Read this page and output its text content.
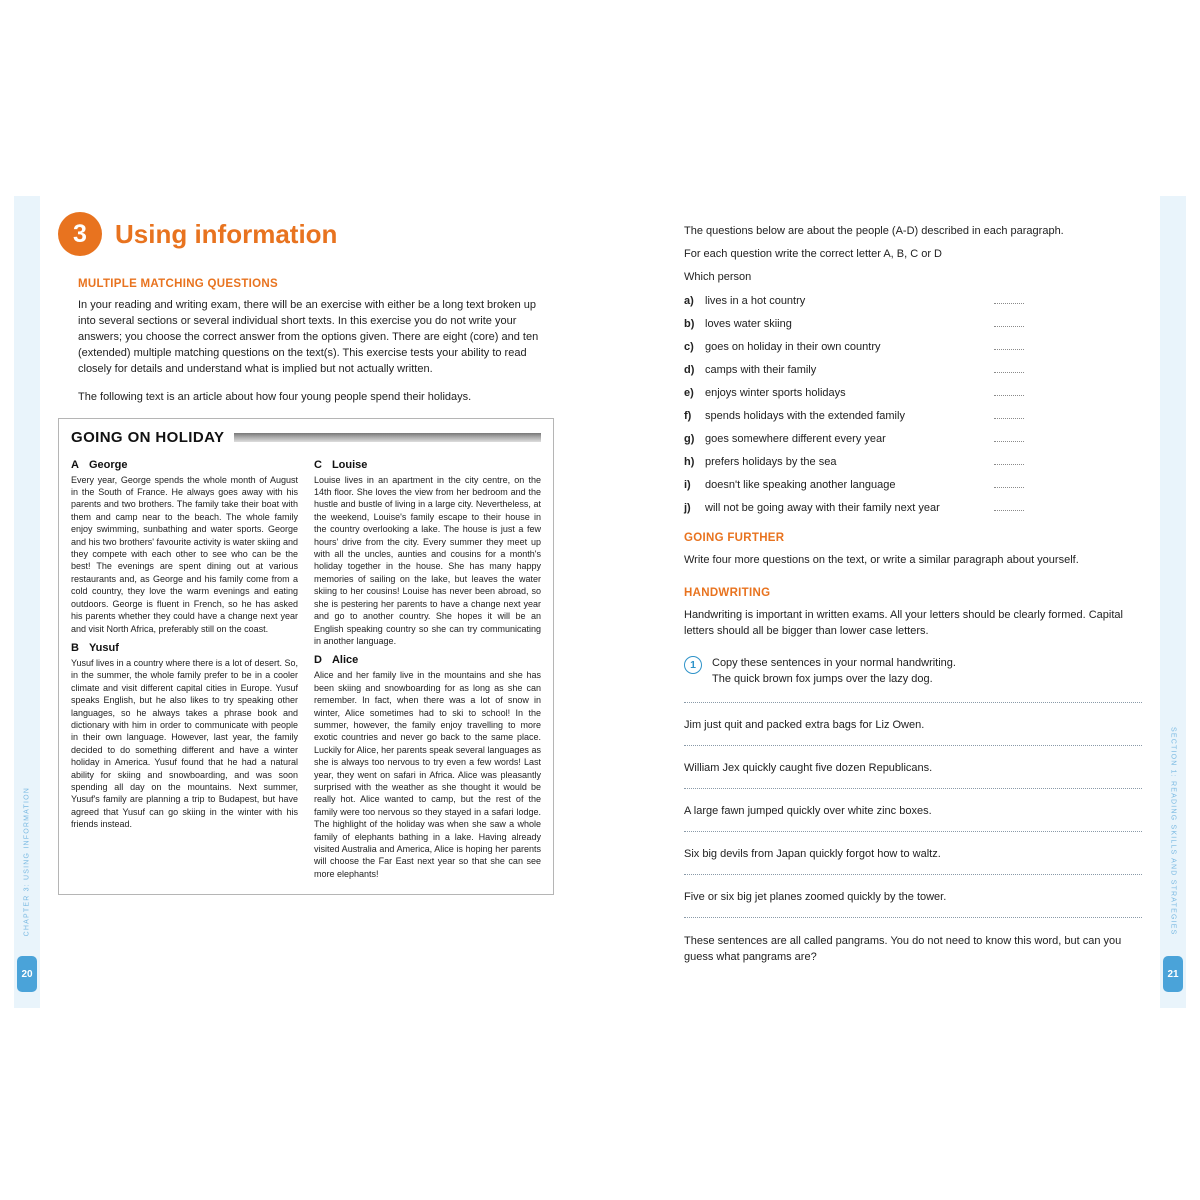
CHAPTER 3: USING INFORMATION
20
SECTION 1: READING SKILLS AND STRATEGIES
21
3	Using information
MULTIPLE MATCHING QUESTIONS

In your reading and writing exam, there will be an exercise with either be a long text broken up into several sections or several individual short texts. In this exercise you do not write your answers; you choose the correct answer from the options given. There are eight (core) and ten (extended) multiple matching questions on the text(s). This exercise tests your ability to read closely for details and understand what is implied but not actually written.

The following text is an article about how four young people spend their holidays.

GOING ON HOLIDAY
A George

Every year, George spends the whole month of August in the South of France. He always goes away with his parents and two brothers. The family take their boat with them and camp near to the beach. The whole family enjoy swimming, sunbathing and water sports. George and his two brothers' favourite activity is water skiing and they compete with each other to see who can be the best! The evenings are spent dining out at various restaurants and, as George and his family come from a cold country, they love the warm evenings and eating outdoors. George is fluent in French, so he has asked his parents whether they could have a change next year and visit North Africa, preferably still on the coast.

B Yusuf

Yusuf lives in a country where there is a lot of desert. So, in the summer, the whole family prefer to be in a cooler climate and visit different capital cities in Europe. Yusuf speaks English, but he also likes to try speaking other languages, so he always takes a phrase book and dictionary with him in order to communicate with people in their own language. However, last year, the family decided to do something different and have a winter holiday in America. Yusuf found that he had a natural ability for skiing and snowboarding, and was soon spending all day on the mountains. Next summer, Yusuf's family are planning a trip to Budapest, but have agreed that Yusuf can go skiing in the winter with his friends instead.

C Louise

Louise lives in an apartment in the city centre, on the 14th floor. She loves the view from her bedroom and the hustle and bustle of living in a large city. Nevertheless, at the weekend, Louise's family escape to their house in the country overlooking a lake. The house is just a few hours' drive from the city. Every summer they meet up with all the uncles, aunties and cousins for a month's holiday together in the house. She has many happy memories of sailing on the lake, but leaves the water skiing to her cousins! Louise has never been abroad, so she is pestering her parents to have a change next year and go to another country. She hopes it will be an English speaking country so she can try communicating in another language.

D Alice

Alice and her family live in the mountains and she has been skiing and snowboarding for as long as she can remember. In fact, when there was a lot of snow in winter, Alice sometimes had to ski to school! In the summer, however, the family enjoy travelling to more exotic countries and never go back to the same place. Luckily for Alice, her parents speak several languages as she is always too nervous to try even a few words! Last year, they went on safari in Africa. Alice was pleasantly surprised with the weather as she thought it would be really hot. Alice wanted to camp, but the rest of the family were too nervous so they stayed in a safari lodge. The highlight of the holiday was when she saw a whole family of elephants bathing in a lake. Having already visited Australia and America, Alice is hoping her parents will choose the Far East next year so that she can see more elephants!

The questions below are about the people (A-D) described in each paragraph.

For each question write the correct letter A, B, C or D

Which person

a)	lives in a hot country
b) loves water skiing
c)	goes on holiday in their own country
d) camps with their family
e)	enjoys winter sports holidays
f)	spends holidays with the extended family
g) goes somewhere different every year
h) prefers holidays by the sea
i)	doesn't like speaking another language
j)	will not be going away with their family next year
GOING FURTHER

Write four more questions on the text, or write a similar paragraph about yourself.

HANDWRITING

Handwriting is important in written exams. All your letters should be clearly formed. Capital letters should all be bigger than lower case letters.

1	Copy these sentences in your normal handwriting.

The quick brown fox jumps over the lazy dog.

Jim just quit and packed extra bags for Liz Owen.

William Jex quickly caught five dozen Republicans.

A large fawn jumped quickly over white zinc boxes.

Six big devils from Japan quickly forgot how to waltz.

Five or six big jet planes zoomed quickly by the tower.

These sentences are all called pangrams. You do not need to know this word, but can you guess what pangrams are?
